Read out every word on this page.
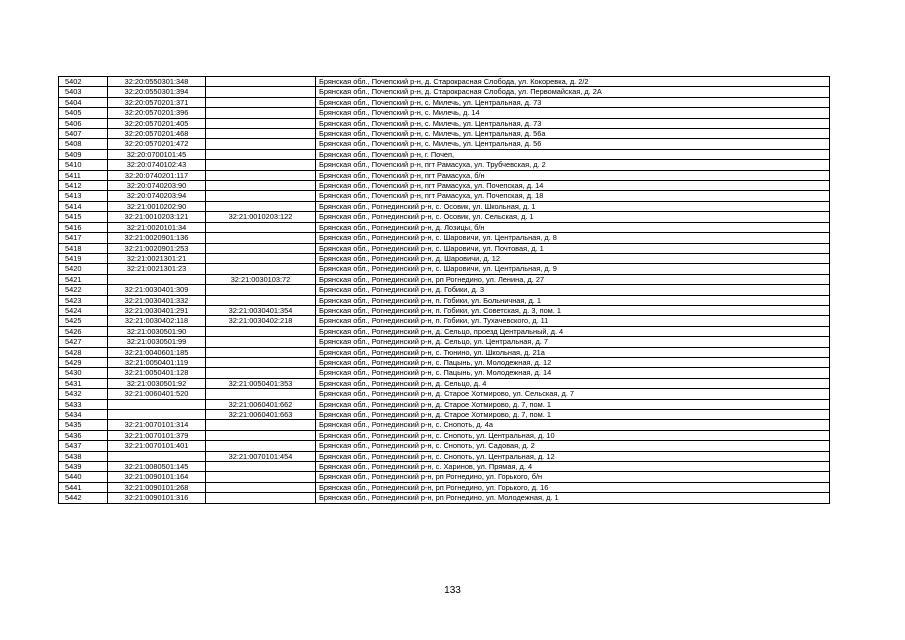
5402	32:20:0550301:348		Брянская обл., Почепский р-н, д. Старокрасная Слобода, ул. Кокоревка, д. 2/2
5403	32:20:0550301:394		Брянская обл., Почепский р-н, д. Старокрасная Слобода, ул. Первомайская, д. 2А
5404	32:20:0570201:371		Брянская обл., Почепский р-н, с. Милечь, ул. Центральная, д. 73
5405	32:20:0570201:396		Брянская обл., Почепский р-н, с. Милечь, д. 14
5406	32:20:0570201:405		Брянская обл., Почепский р-н, с. Милечь, ул. Центральная, д. 73
5407	32:20:0570201:468		Брянская обл., Почепский р-н, с. Милечь, ул. Центральная, д. 56а
5408	32:20:0570201:472		Брянская обл., Почепский р-н, с. Милечь, ул. Центральная, д. 56
5409	32:20:0700101:45		Брянская обл., Почепский р-н, г. Почеп,
5410	32:20:0740102:43		Брянская обл., Почепский р-н, пгт Рамасуха, ул. Трубчевская, д. 2
5411	32:20:0740201:117		Брянская обл., Почепский р-н, пгт Рамасуха, б/н
5412	32:20:0740203:90		Брянская обл., Почепский р-н, пгт Рамасуха, ул. Почепская, д. 14
5413	32:20:0740203:94		Брянская обл., Почепский р-н, пгт Рамасуха, ул. Почепская, д. 18
5414	32:21:0010202:90		Брянская обл., Рогнединский р-н, с. Осовик, ул. Школьная, д. 1
5415	32:21:0010203:121	32:21:0010203:122	Брянская обл., Рогнединский р-н, с. Осовик, ул. Сельская, д. 1
5416	32:21:0020101:34		Брянская обл., Рогнединский р-н, д. Лозицы, б/н
5417	32:21:0020901:136		Брянская обл., Рогнединский р-н, с. Шаровичи, ул. Центральная, д. 8
5418	32:21:0020901:253		Брянская обл., Рогнединский р-н, с. Шаровичи, ул. Почтовая, д. 1
5419	32:21:0021301:21		Брянская обл., Рогнединский р-н, д. Шаровичи, д. 12
5420	32:21:0021301:23		Брянская обл., Рогнединский р-н, с. Шаровичи, ул. Центральная, д. 9
5421		32:21:0030103:72	Брянская обл., Рогнединский р-н, рп Рогнедино, ул. Ленина, д. 27
5422	32:21:0030401:309		Брянская обл., Рогнединский р-н, д. Гобики, д. 3
5423	32:21:0030401:332		Брянская обл., Рогнединский р-н, п. Гобики, ул. Больничная, д. 1
5424	32:21:0030401:291	32:21:0030401:354	Брянская обл., Рогнединский р-н, п. Гобики, ул. Советская, д. 3, пом. 1
5425	32:21:0030402:118	32:21:0030402:218	Брянская обл., Рогнединский р-н, п. Гобики, ул. Тухачевского, д. 11
5426	32:21:0030501:90		Брянская обл., Рогнединский р-н, д. Сельцо, проезд Центральный, д. 4
5427	32:21:0030501:99		Брянская обл., Рогнединский р-н, д. Сельцо, ул. Центральная, д. 7
5428	32:21:0040601:185		Брянская обл., Рогнединский р-н, с. Тюнино, ул. Школьная, д. 21а
5429	32:21:0050401:119		Брянская обл., Рогнединский р-н, с. Пацынь, ул. Молодежная, д. 12
5430	32:21:0050401:128		Брянская обл., Рогнединский р-н, с. Пацынь, ул. Молодежная, д. 14
5431	32:21:0030501:92	32:21:0050401:353	Брянская обл., Рогнединский р-н, д. Сельцо, д. 4
5432	32:21:0060401:520		Брянская обл., Рогнединский р-н, д. Старое Хотмирово, ул. Сельская, д. 7
5433		32:21:0060401:662	Брянская обл., Рогнединский р-н, д. Старое Хотмирово, д. 7, пом. 1
5434		32:21:0060401:663	Брянская обл., Рогнединский р-н, д. Старое Хотмирово, д. 7, пом. 1
5435	32:21:0070101:314		Брянская обл., Рогнединский р-н, с. Снопоть, д. 4а
5436	32:21:0070101:379		Брянская обл., Рогнединский р-н, с. Снопоть, ул. Центральная, д. 10
5437	32:21:0070101:401		Брянская обл., Рогнединский р-н, с. Снопоть, ул. Садовая, д. 2
5438		32:21:0070101:454	Брянская обл., Рогнединский р-н, с. Снопоть, ул. Центральная, д. 12
5439	32:21:0080501:145		Брянская обл., Рогнединский р-н, с. Харинов, ул. Прямая, д. 4
5440	32:21:0090101:164		Брянская обл., Рогнединский р-н, рп Рогнедино, ул. Горького, б/н
5441	32:21:0090101:268		Брянская обл., Рогнединский р-н, рп Рогнедино, ул. Горького, д. 16
5442	32:21:0090101:316		Брянская обл., Рогнединский р-н, рп Рогнедино, ул. Молодежная, д. 1
133
